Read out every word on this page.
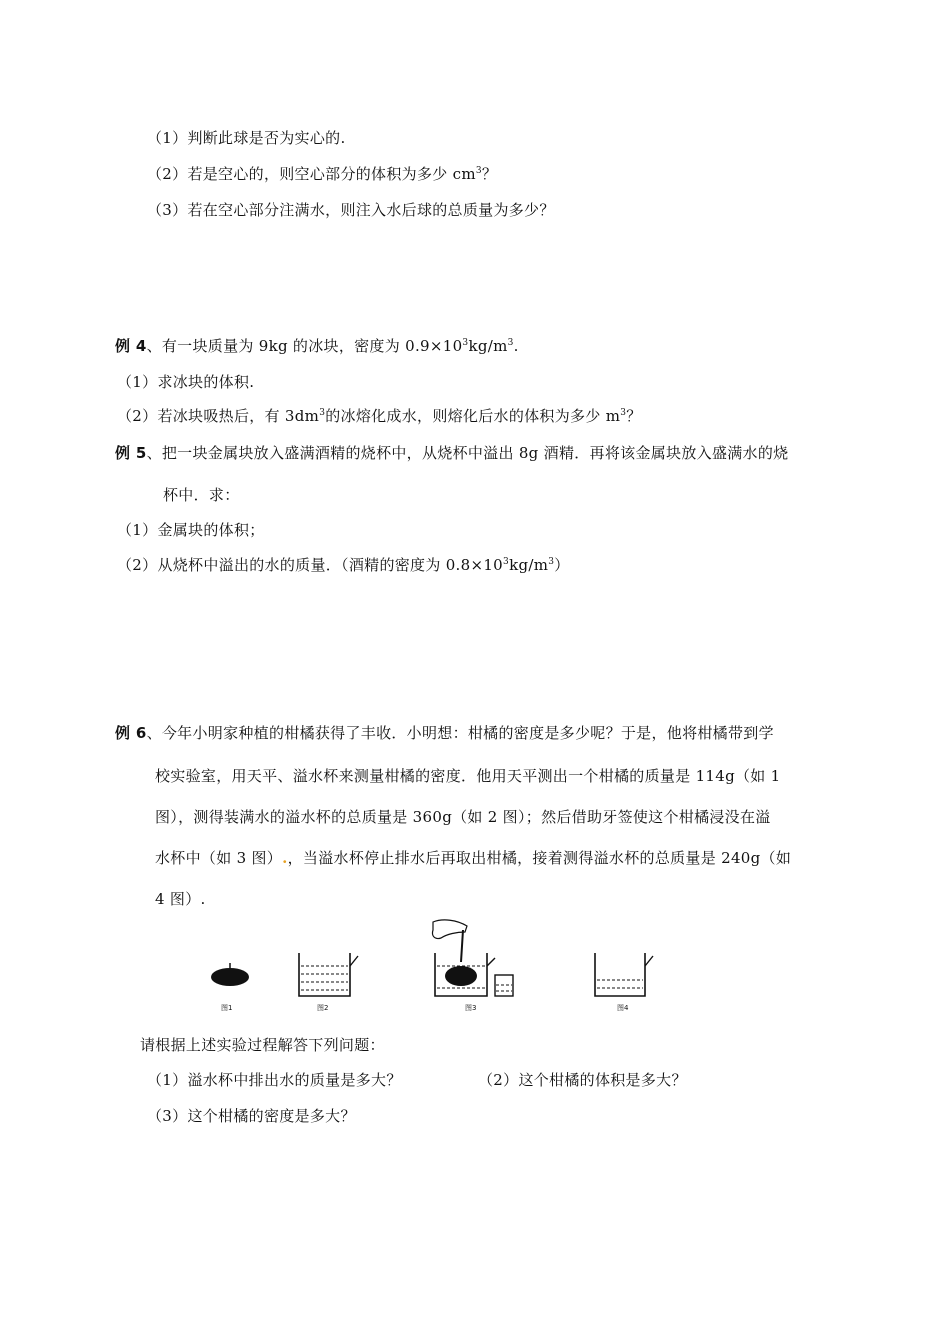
（1）判断此球是否为实心的.
（2）若是空心的，则空心部分的体积为多少 $cm^3$？
（3）若在空心部分注满水，则注入水后球的总质量为多少？
例 4、有一块质量为 9kg 的冰块，密度为 $0.9\times 10^3kg/m^3$.
（1）求冰块的体积.
（2）若冰块吸热后，有 $3dm^3$的冰熔化成水，则熔化后水的体积为多少 $m^3$？
例 5、把一块金属块放入盛满酒精的烧杯中，从烧杯中溢出 8g 酒精．再将该金属块放入盛满水的烧
杯中．求：
（1）金属块的体积；
（2）从烧杯中溢出的水的质量．（酒精的密度为 $0.8\times 10^3kg/m^3$）
例 6、今年小明家种植的柑橘获得了丰收．小明想：柑橘的密度是多少呢？于是，他将柑橘带到学
校实验室，用天平、溢水杯来测量柑橘的密度．他用天平测出一个柑橘的质量是 114g（如 1
图），测得装满水的溢水杯的总质量是 360g（如 2 图）；然后借助牙签使这个柑橘浸没在溢
水杯中（如 3 图）.，当溢水杯停止排水后再取出柑橘，接着测得溢水杯的总质量是 240g（如
4 图）.
图1	图2	图3	图4
请根据上述实验过程解答下列问题：
（1）溢水杯中排出水的质量是多大？	（2）这个柑橘的体积是多大？
（3）这个柑橘的密度是多大？
